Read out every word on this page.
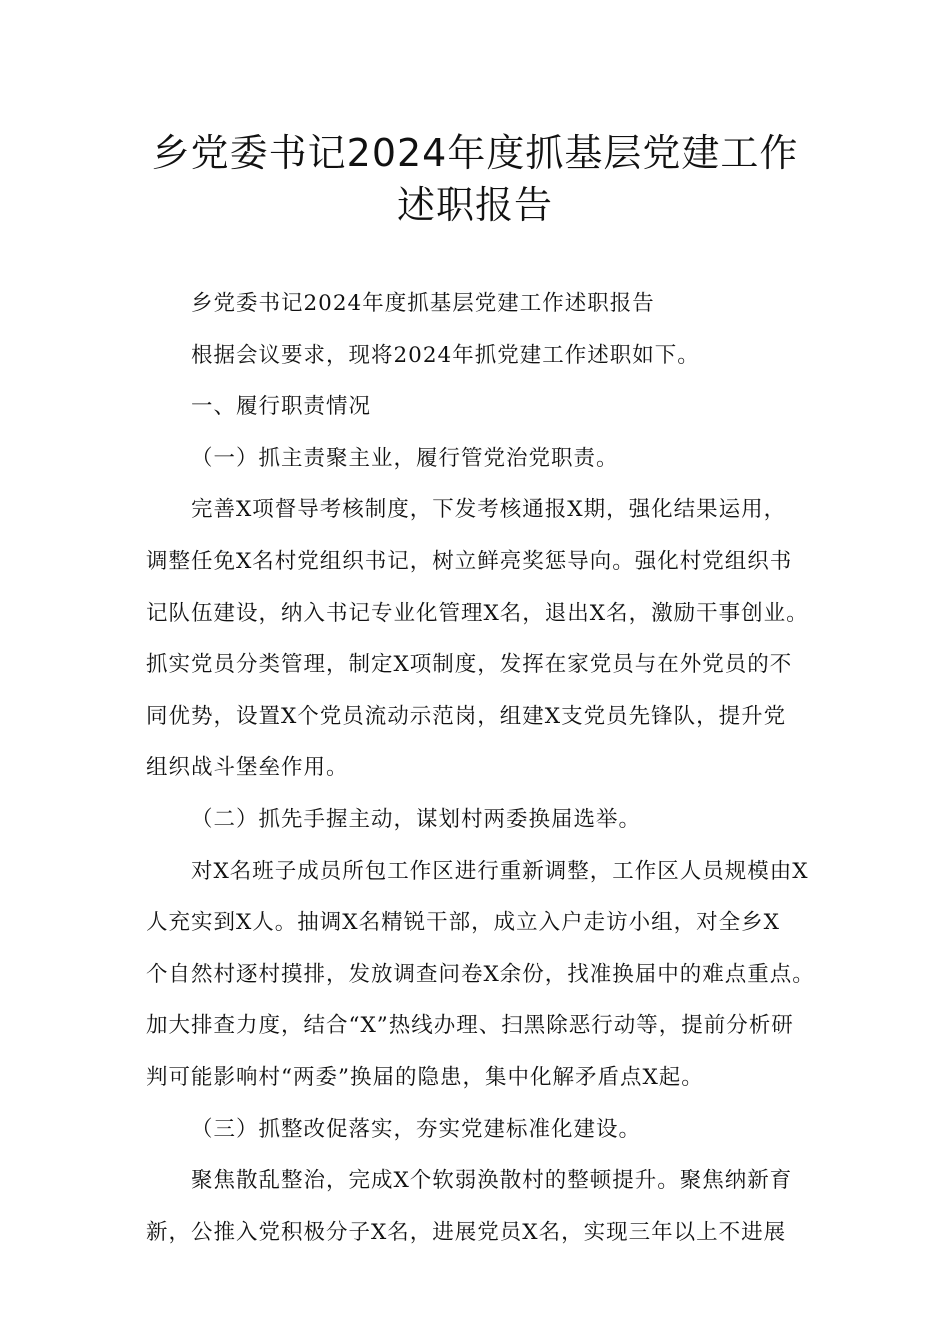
乡党委书记2024年度抓基层党建工作
述职报告

乡党委书记2024年度抓基层党建工作述职报告

根据会议要求，现将2024年抓党建工作述职如下。

一、履行职责情况

（一）抓主责聚主业，履行管党治党职责。

完善X项督导考核制度，下发考核通报X期，强化结果运用，
调整任免X名村党组织书记，树立鲜亮奖惩导向。强化村党组织书
记队伍建设，纳入书记专业化管理X名，退出X名，激励干事创业。
抓实党员分类管理，制定X项制度，发挥在家党员与在外党员的不
同优势，设置X个党员流动示范岗，组建X支党员先锋队，提升党
组织战斗堡垒作用。

（二）抓先手握主动，谋划村两委换届选举。

对X名班子成员所包工作区进行重新调整，工作区人员规模由X
人充实到X人。抽调X名精锐干部，成立入户走访小组，对全乡X
个自然村逐村摸排，发放调查问卷X余份，找准换届中的难点重点。
加大排查力度，结合“X”热线办理、扫黑除恶行动等，提前分析研
判可能影响村“两委”换届的隐患，集中化解矛盾点X起。

（三）抓整改促落实，夯实党建标准化建设。

聚焦散乱整治，完成X个软弱涣散村的整顿提升。聚焦纳新育
新，公推入党积极分子X名，进展党员X名，实现三年以上不进展
